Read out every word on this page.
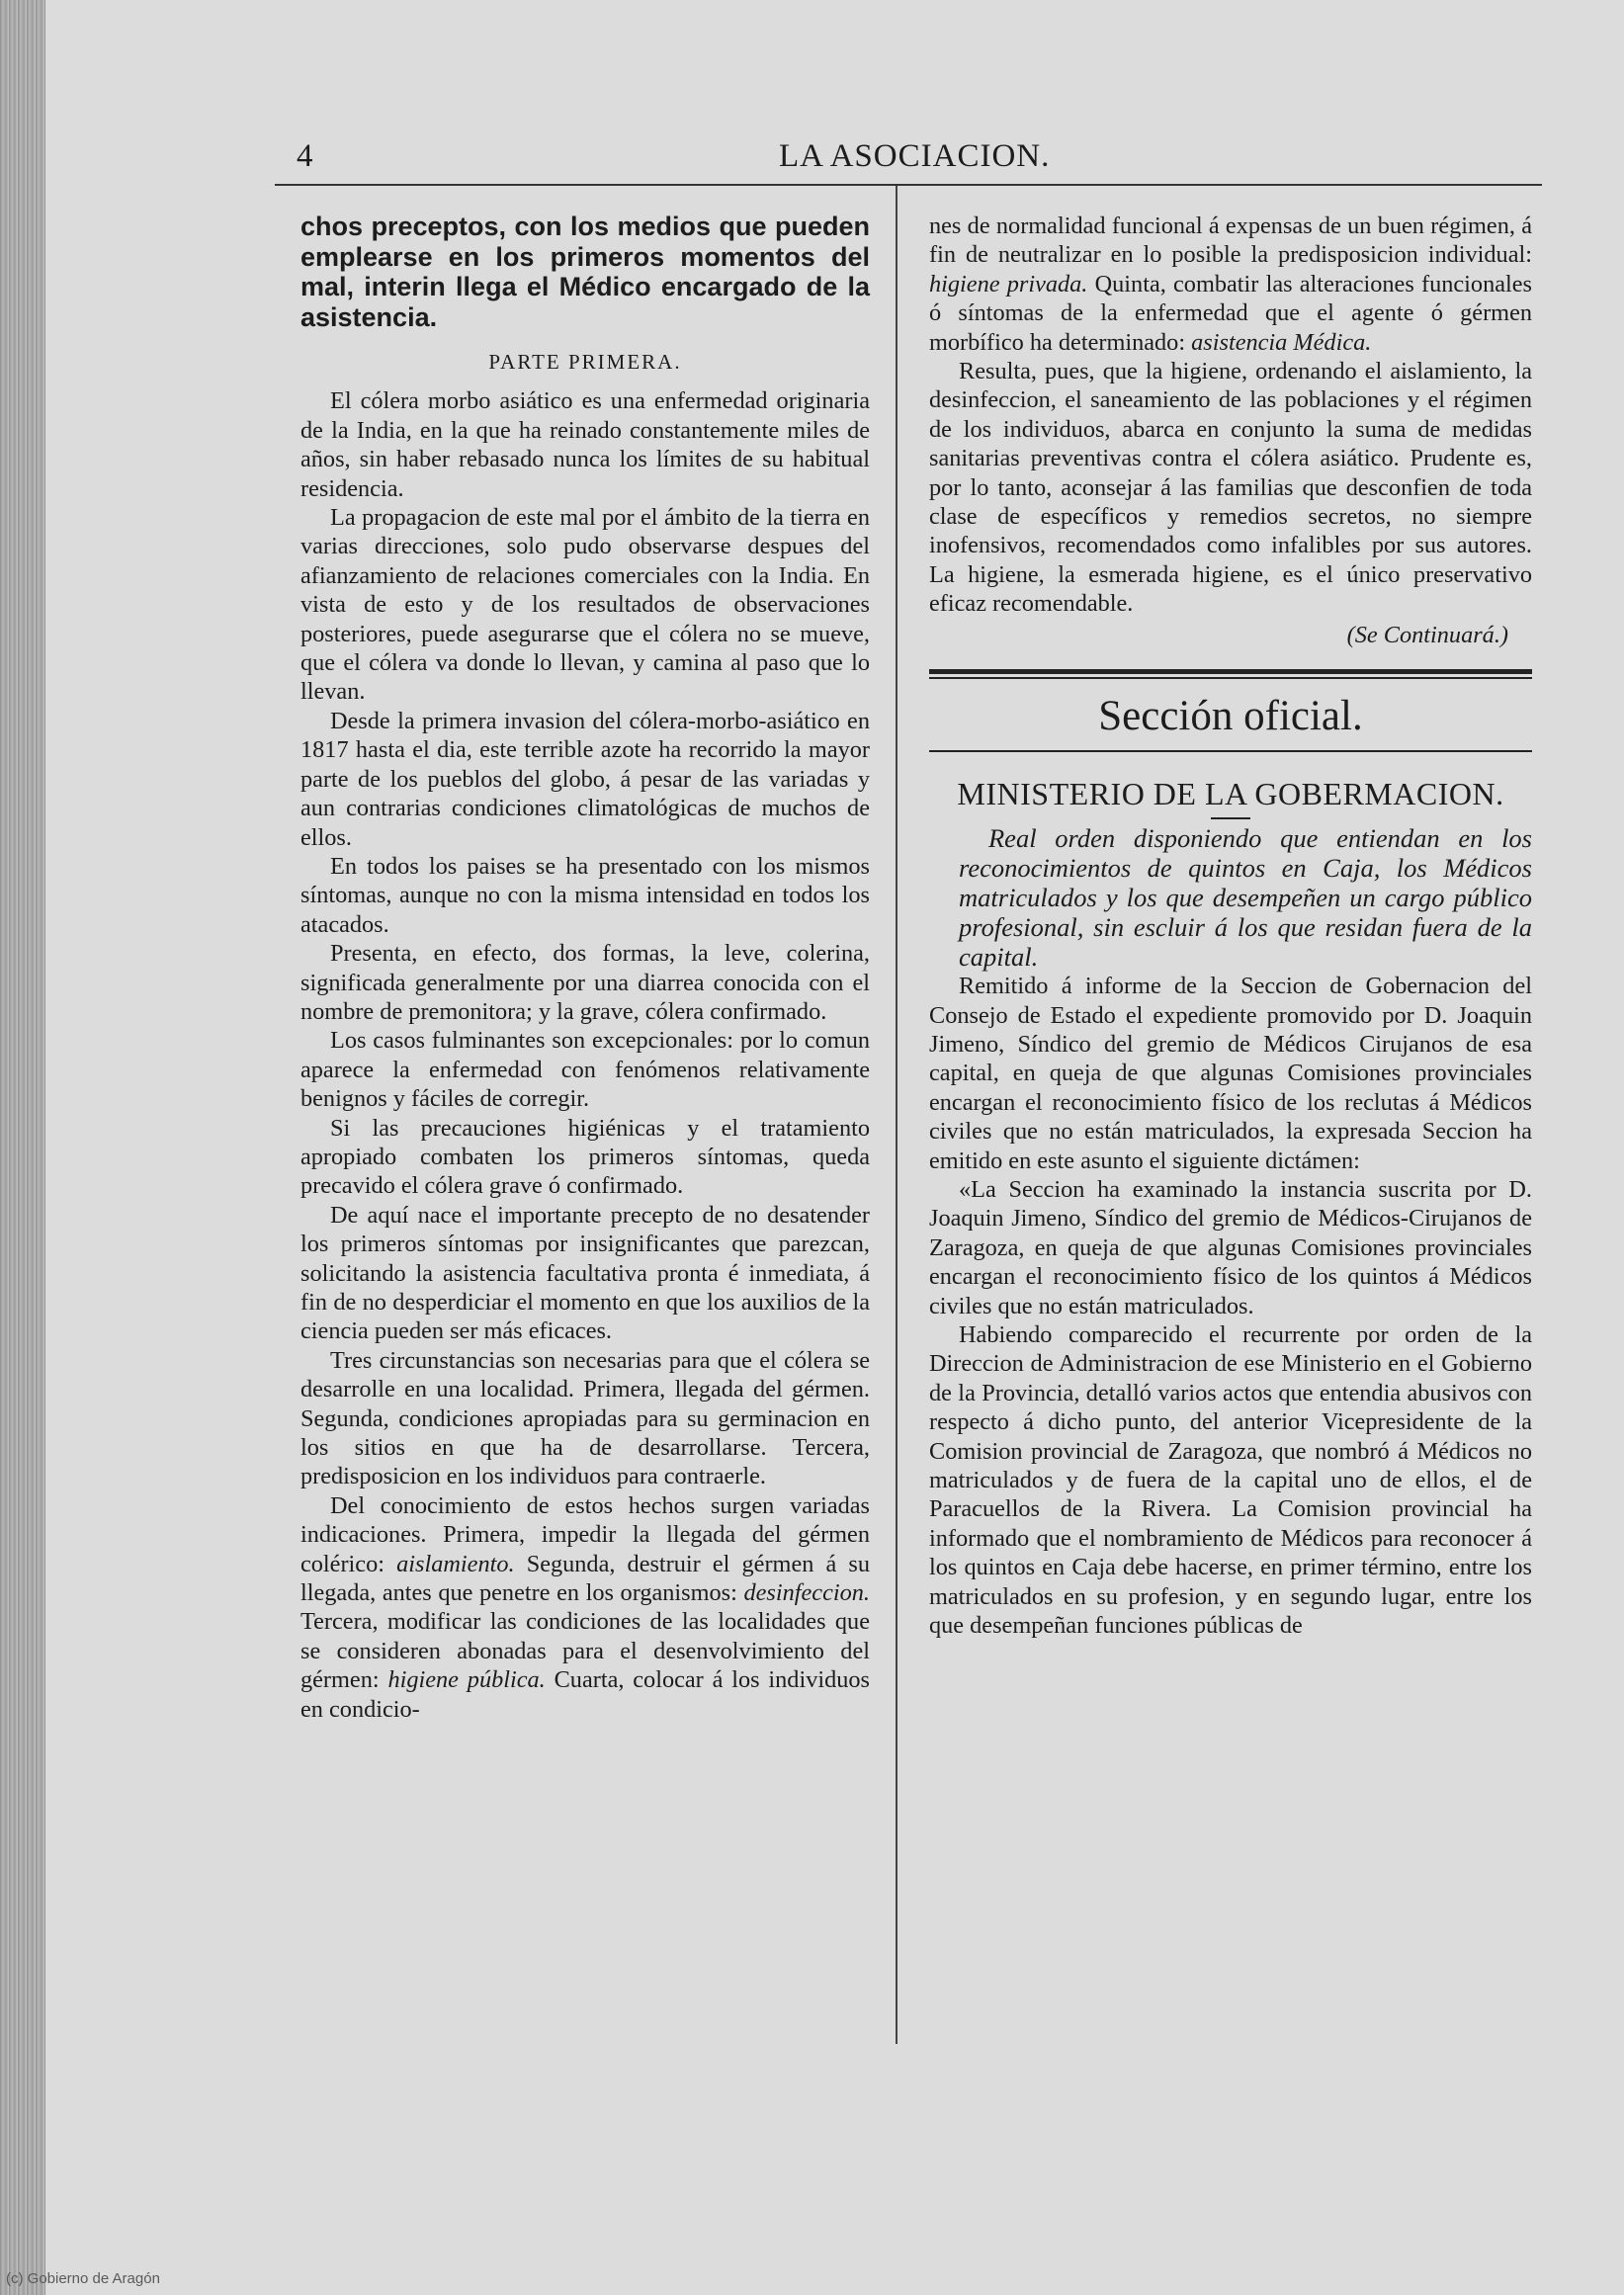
4	LA ASOCIACION.

chos preceptos, con los medios que pueden emplearse en los primeros momentos del mal, interin llega el Médico encargado de la asistencia.

PARTE PRIMERA.

El cólera morbo asiático es una enfermedad originaria de la India, en la que ha reinado constantemente miles de años, sin haber rebasado nunca los límites de su habitual residencia.

La propagacion de este mal por el ámbito de la tierra en varias direcciones, solo pudo observarse despues del afianzamiento de relaciones comerciales con la India. En vista de esto y de los resultados de observaciones posteriores, puede asegurarse que el cólera no se mueve, que el cólera va donde lo llevan, y camina al paso que lo llevan.

Desde la primera invasion del cólera-morbo-asiático en 1817 hasta el dia, este terrible azote ha recorrido la mayor parte de los pueblos del globo, á pesar de las variadas y aun contrarias condiciones climatológicas de muchos de ellos.

En todos los paises se ha presentado con los mismos síntomas, aunque no con la misma intensidad en todos los atacados.

Presenta, en efecto, dos formas, la leve, colerina, significada generalmente por una diarrea conocida con el nombre de premonitora; y la grave, cólera confirmado.

Los casos fulminantes son excepcionales: por lo comun aparece la enfermedad con fenómenos relativamente benignos y fáciles de corregir.

Si las precauciones higiénicas y el tratamiento apropiado combaten los primeros síntomas, queda precavido el cólera grave ó confirmado.

De aquí nace el importante precepto de no desatender los primeros síntomas por insignificantes que parezcan, solicitando la asistencia facultativa pronta é inmediata, á fin de no desperdiciar el momento en que los auxilios de la ciencia pueden ser más eficaces.

Tres circunstancias son necesarias para que el cólera se desarrolle en una localidad. Primera, llegada del gérmen. Segunda, condiciones apropiadas para su germinacion en los sitios en que ha de desarrollarse. Tercera, predisposicion en los individuos para contraerle.

Del conocimiento de estos hechos surgen variadas indicaciones. Primera, impedir la llegada del gérmen colérico: aislamiento. Segunda, destruir el gérmen á su llegada, antes que penetre en los organismos: desinfeccion. Tercera, modificar las condiciones de las localidades que se consideren abonadas para el desenvolvimiento del gérmen: higiene pública. Cuarta, colocar á los individuos en condicio-

nes de normalidad funcional á expensas de un buen régimen, á fin de neutralizar en lo posible la predisposicion individual: higiene privada. Quinta, combatir las alteraciones funcionales ó síntomas de la enfermedad que el agente ó gérmen morbífico ha determinado: asistencia Médica.

Resulta, pues, que la higiene, ordenando el aislamiento, la desinfeccion, el saneamiento de las poblaciones y el régimen de los individuos, abarca en conjunto la suma de medidas sanitarias preventivas contra el cólera asiático. Prudente es, por lo tanto, aconsejar á las familias que desconfien de toda clase de específicos y remedios secretos, no siempre inofensivos, recomendados como infalibles por sus autores. La higiene, la esmerada higiene, es el único preservativo eficaz recomendable.

(Se Continuará.)
Sección oficial.
MINISTERIO DE LA GOBERMACION.

Real orden disponiendo que entiendan en los reconocimientos de quintos en Caja, los Médicos matriculados y los que desempeñen un cargo público profesional, sin escluir á los que residan fuera de la capital.

Remitido á informe de la Seccion de Gobernacion del Consejo de Estado el expediente promovido por D. Joaquin Jimeno, Síndico del gremio de Médicos Cirujanos de esa capital, en queja de que algunas Comisiones provinciales encargan el reconocimiento físico de los reclutas á Médicos civiles que no están matriculados, la expresada Seccion ha emitido en este asunto el siguiente dictámen:

«La Seccion ha examinado la instancia suscrita por D. Joaquin Jimeno, Síndico del gremio de Médicos-Cirujanos de Zaragoza, en queja de que algunas Comisiones provinciales encargan el reconocimiento físico de los quintos á Médicos civiles que no están matriculados.

Habiendo comparecido el recurrente por orden de la Direccion de Administracion de ese Ministerio en el Gobierno de la Provincia, detalló varios actos que entendia abusivos con respecto á dicho punto, del anterior Vicepresidente de la Comision provincial de Zaragoza, que nombró á Médicos no matriculados y de fuera de la capital uno de ellos, el de Paracuellos de la Rivera. La Comision provincial ha informado que el nombramiento de Médicos para reconocer á los quintos en Caja debe hacerse, en primer término, entre los matriculados en su profesion, y en segundo lugar, entre los que desempeñan funciones públicas de

(c) Gobierno de Aragón
